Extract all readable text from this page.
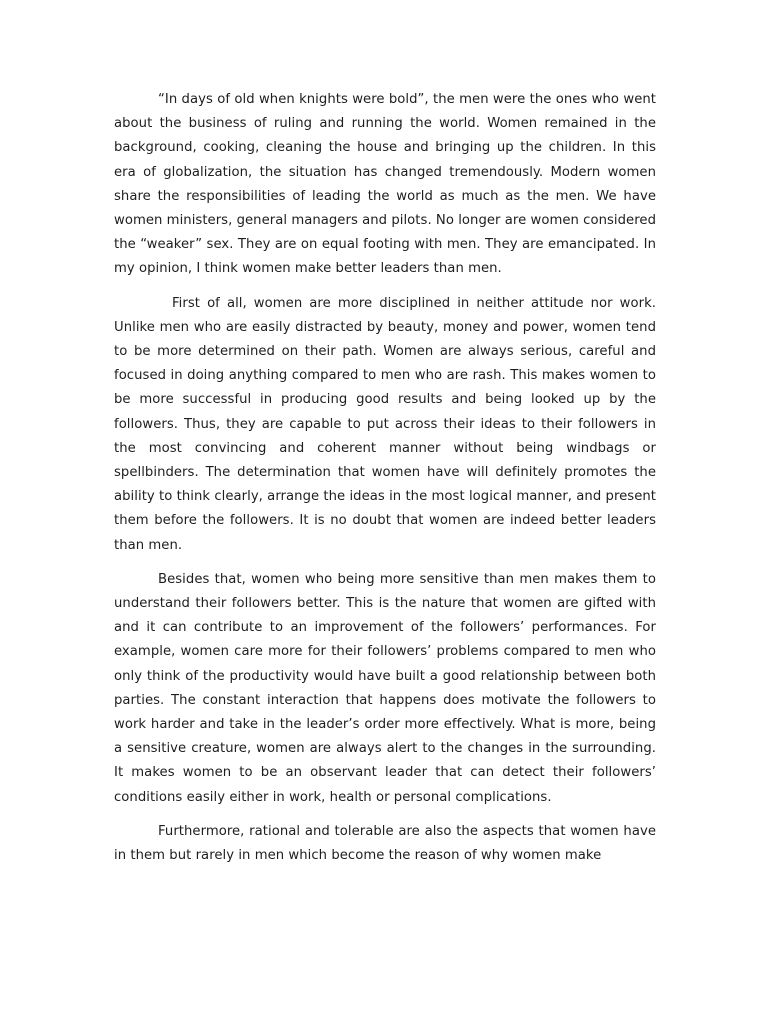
“In days of old when knights were bold”, the men were the ones who went about the business of ruling and running the world. Women remained in the background, cooking, cleaning the house and bringing up the children. In this era of globalization, the situation has changed tremendously. Modern women share the responsibilities of leading the world as much as the men. We have women ministers, general managers and pilots. No longer are women considered the “weaker” sex. They are on equal footing with men. They are emancipated. In my opinion, I think women make better leaders than men.

First of all, women are more disciplined in neither attitude nor work. Unlike men who are easily distracted by beauty, money and power, women tend to be more determined on their path. Women are always serious, careful and focused in doing anything compared to men who are rash. This makes women to be more successful in producing good results and being looked up by the followers. Thus, they are capable to put across their ideas to their followers in the most convincing and coherent manner without being windbags or spellbinders. The determination that women have will definitely promotes the ability to think clearly, arrange the ideas in the most logical manner, and present them before the followers. It is no doubt that women are indeed better leaders than men.

Besides that, women who being more sensitive than men makes them to understand their followers better. This is the nature that women are gifted with and it can contribute to an improvement of the followers’ performances. For example, women care more for their followers’ problems compared to men who only think of the productivity would have built a good relationship between both parties. The constant interaction that happens does motivate the followers to work harder and take in the leader’s order more effectively. What is more, being a sensitive creature, women are always alert to the changes in the surrounding. It makes women to be an observant leader that can detect their followers’ conditions easily either in work, health or personal complications.

Furthermore, rational and tolerable are also the aspects that women have in them but rarely in men which become the reason of why women make
